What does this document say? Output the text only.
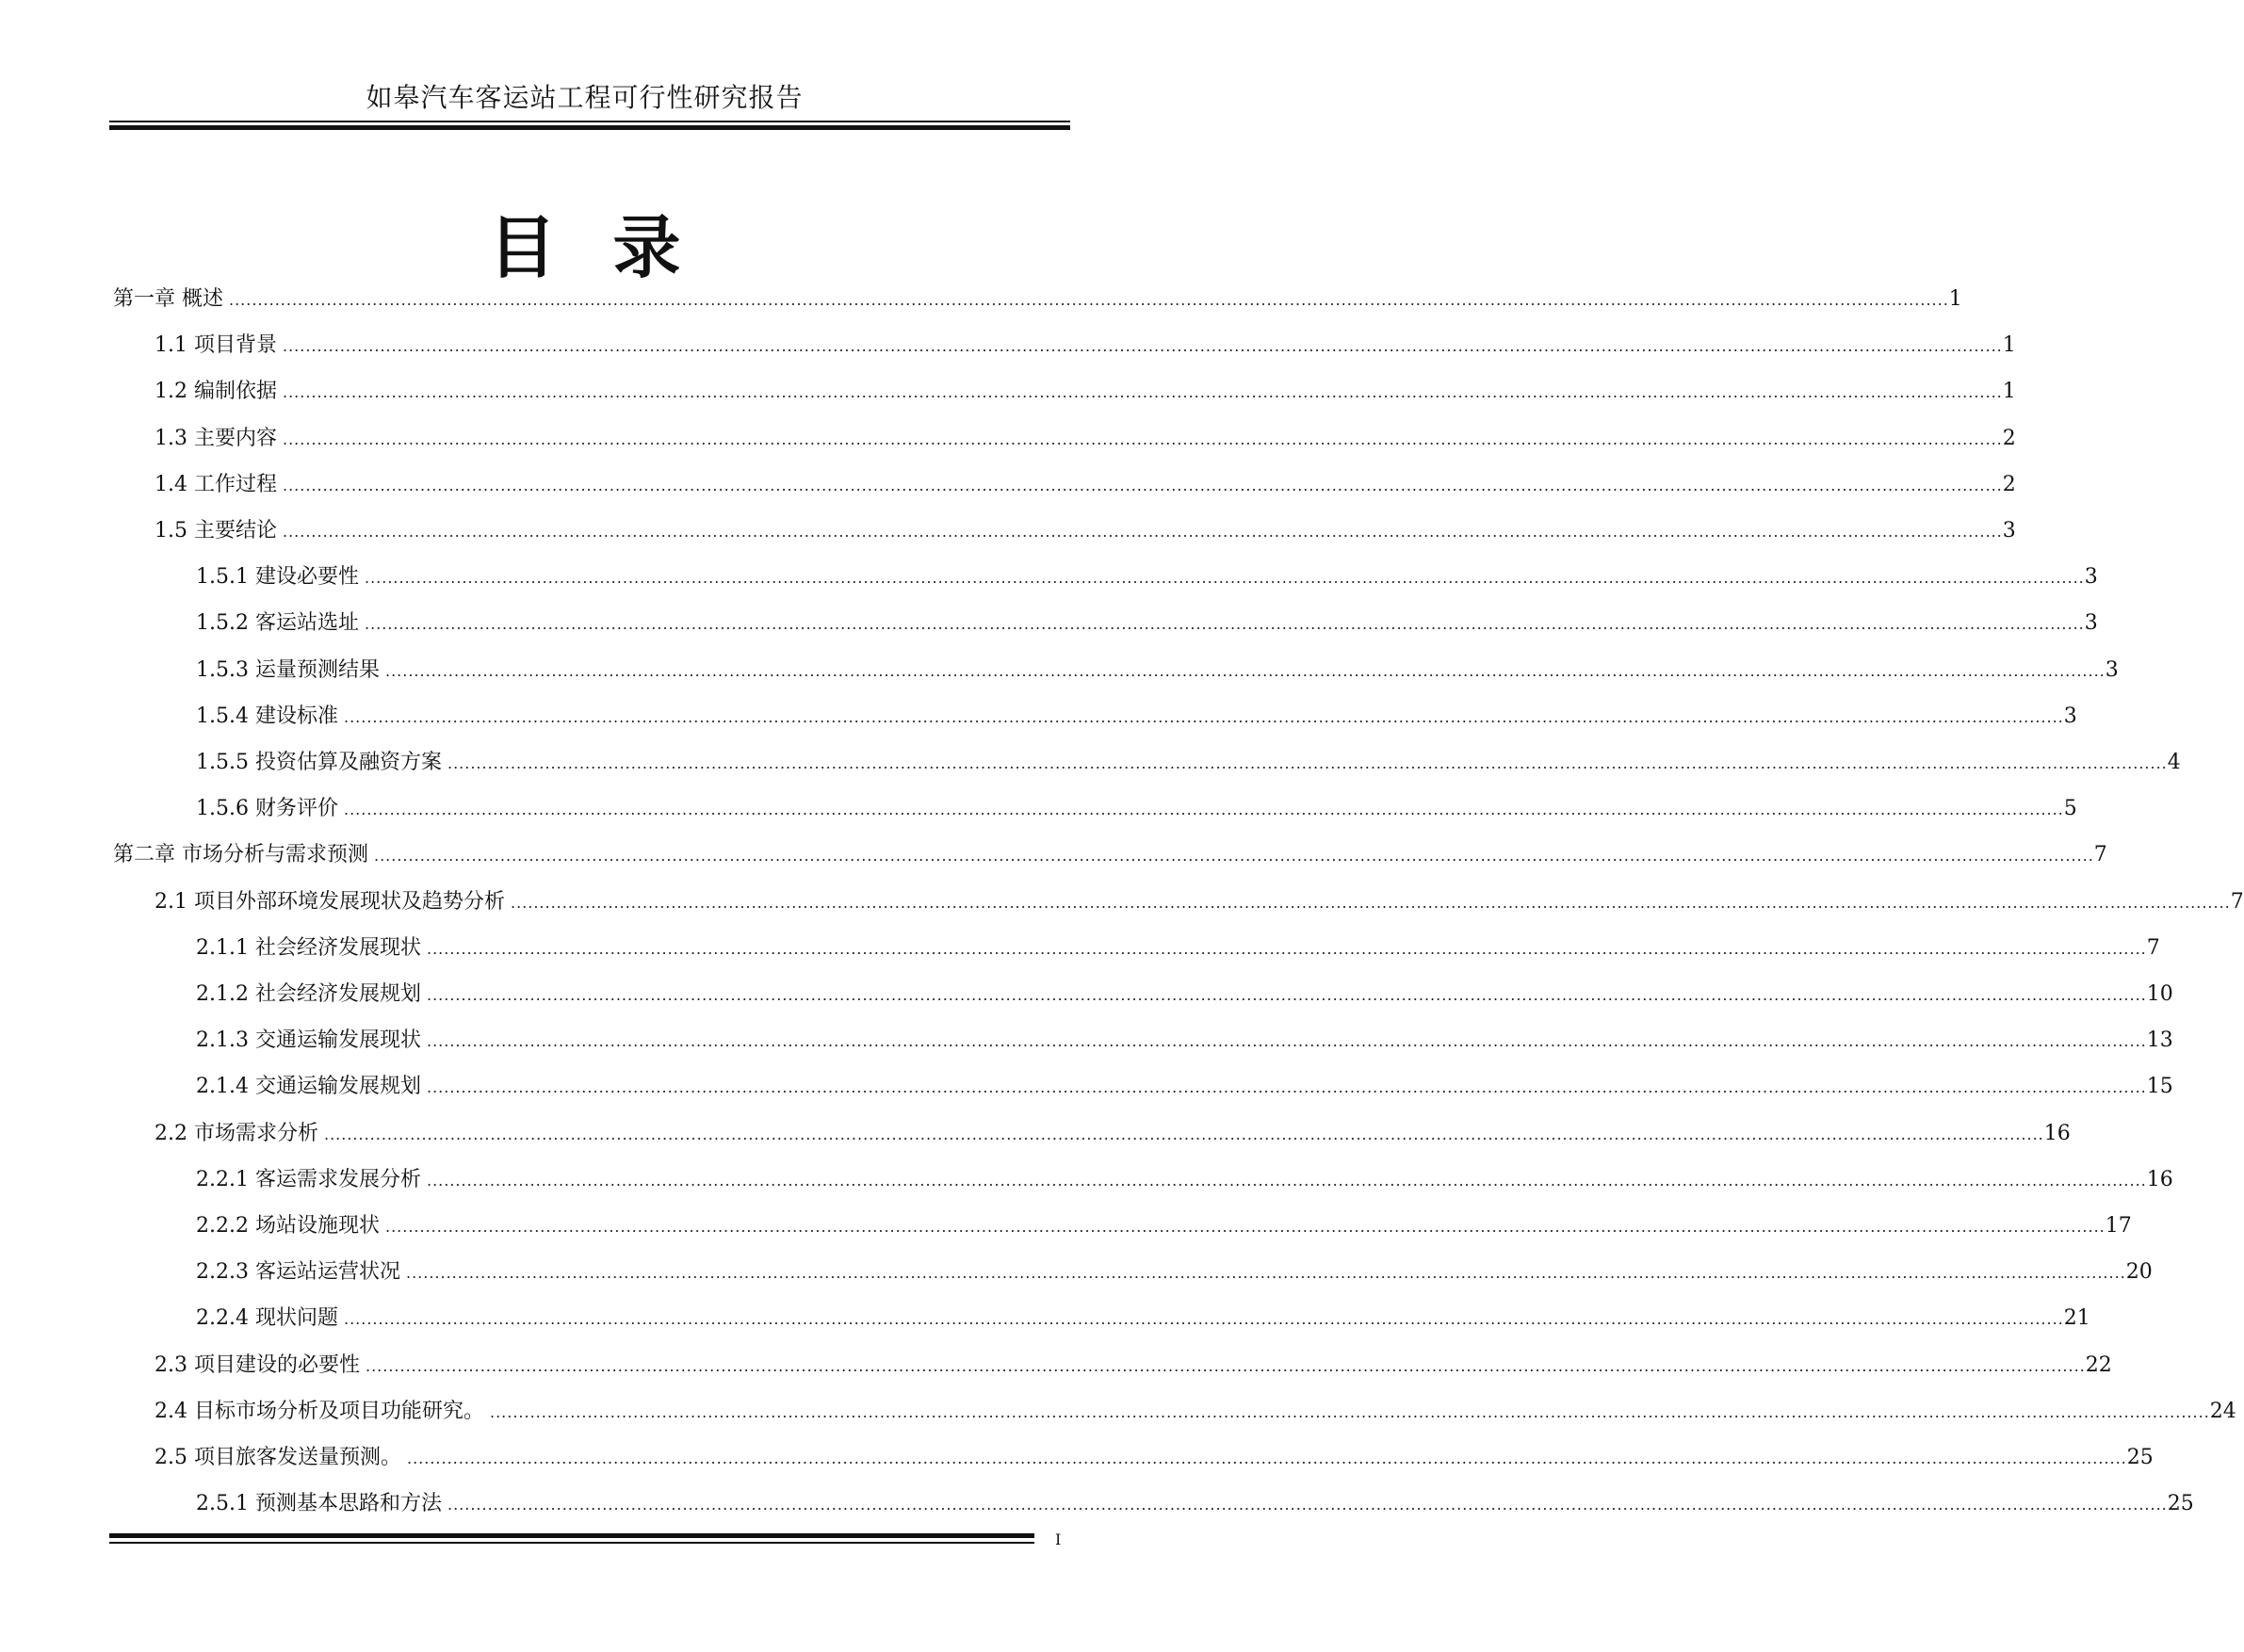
如皋汽车客运站工程可行性研究报告
目录
第一章 概述 ............................................................................................................................................................................................................................................................................................................ 1
1.1 项目背景 ............................................................................................................................................................................................................................................................................................................ 1
1.2 编制依据 ............................................................................................................................................................................................................................................................................................................ 1
1.3 主要内容 ............................................................................................................................................................................................................................................................................................................ 2
1.4 工作过程 ............................................................................................................................................................................................................................................................................................................ 2
1.5 主要结论 ............................................................................................................................................................................................................................................................................................................ 3
1.5.1 建设必要性 ............................................................................................................................................................................................................................................................................................................ 3
1.5.2 客运站选址 ............................................................................................................................................................................................................................................................................................................ 3
1.5.3 运量预测结果 ............................................................................................................................................................................................................................................................................................................ 3
1.5.4 建设标准 ............................................................................................................................................................................................................................................................................................................ 3
1.5.5 投资估算及融资方案 ............................................................................................................................................................................................................................................................................................................ 4
1.5.6 财务评价 ............................................................................................................................................................................................................................................................................................................ 5
第二章 市场分析与需求预测 ............................................................................................................................................................................................................................................................................................................ 7
2.1 项目外部环境发展现状及趋势分析 ............................................................................................................................................................................................................................................................................................................ 7
2.1.1 社会经济发展现状 ............................................................................................................................................................................................................................................................................................................ 7
2.1.2 社会经济发展规划 ............................................................................................................................................................................................................................................................................................................ 10
2.1.3 交通运输发展现状 ............................................................................................................................................................................................................................................................................................................ 13
2.1.4 交通运输发展规划 ............................................................................................................................................................................................................................................................................................................ 15
2.2 市场需求分析 ............................................................................................................................................................................................................................................................................................................ 16
2.2.1 客运需求发展分析 ............................................................................................................................................................................................................................................................................................................ 16
2.2.2 场站设施现状 ............................................................................................................................................................................................................................................................................................................ 17
2.2.3 客运站运营状况 ............................................................................................................................................................................................................................................................................................................ 20
2.2.4 现状问题 ............................................................................................................................................................................................................................................................................................................ 21
2.3 项目建设的必要性 ............................................................................................................................................................................................................................................................................................................ 22
2.4 目标市场分析及项目功能研究。 ............................................................................................................................................................................................................................................................................................................ 24
2.5 项目旅客发送量预测。 ............................................................................................................................................................................................................................................................................................................ 25
2.5.1 预测基本思路和方法 ............................................................................................................................................................................................................................................................................................................ 25
I
